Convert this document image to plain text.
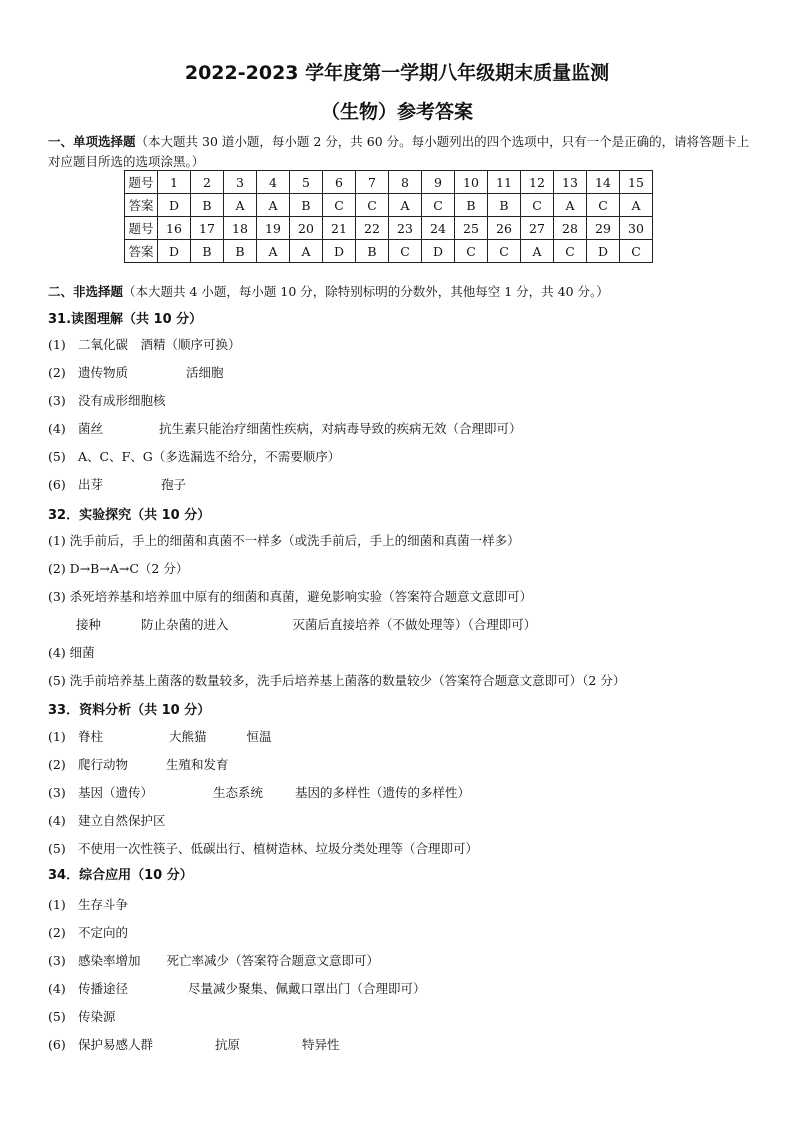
2022-2023 学年度第一学期八年级期末质量监测
（生物）参考答案
一、单项选择题（本大题共 30 道小题，每小题 2 分，共 60 分。每小题列出的四个选项中，只有一个是正确的，请将答题卡上对应题目所选的选项涂黑。）
题号	1	2	3	4	5	6	7	8	9	10	11	12	13	14	15
答案	D	B	A	A	B	C	C	A	C	B	B	C	A	C	A
题号	16	17	18	19	20	21	22	23	24	25	26	27	28	29	30
答案	D	B	B	A	A	D	B	C	D	C	C	A	C	D	C
二、非选择题（本大题共 4 小题，每小题 10 分，除特别标明的分数外，其他每空 1 分，共 40 分。）
31.读图理解（共 10 分）
(1) 二氧化碳　酒精（顺序可换）
(2) 遗传物质	活细胞
(3) 没有成形细胞核
(4) 菌丝	抗生素只能治疗细菌性疾病，对病毒导致的疾病无效（合理即可）
(5) A、C、F、G（多选漏选不给分，不需要顺序）
(6) 出芽	孢子
32．实验探究（共 10 分）
(1) 洗手前后，手上的细菌和真菌不一样多（或洗手前后，手上的细菌和真菌一样多）
(2) D→B→A→C（2 分）
(3) 杀死培养基和培养皿中原有的细菌和真菌，避免影响实验（答案符合题意文意即可）
接种	防止杂菌的进入	灭菌后直接培养（不做处理等）（合理即可）
(4) 细菌
(5) 洗手前培养基上菌落的数量较多，洗手后培养基上菌落的数量较少（答案符合题意文意即可）（2 分）
33．资料分析（共 10 分）
(1) 脊柱	大熊猫	恒温
(2) 爬行动物	生殖和发育
(3) 基因（遗传）	生态系统	基因的多样性（遗传的多样性）
(4) 建立自然保护区
(5) 不使用一次性筷子、低碳出行、植树造林、垃圾分类处理等（合理即可）
34．综合应用（10 分）
(1) 生存斗争
(2) 不定向的
(3) 感染率增加 死亡率减少（答案符合题意文意即可）
(4) 传播途径	尽量减少聚集、佩戴口罩出门（合理即可）
(5) 传染源
(6) 保护易感人群	抗原	特异性
